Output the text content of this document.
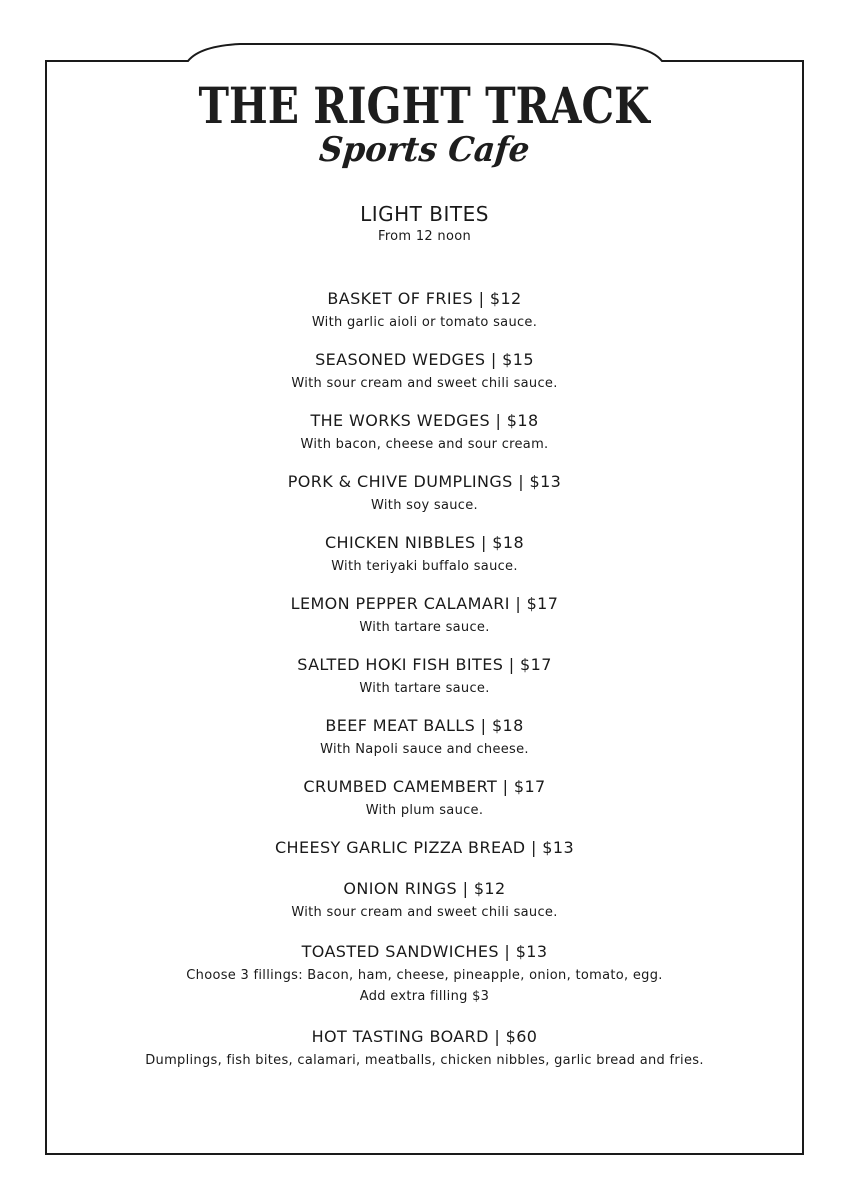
THE RIGHT TRACK
Sports Cafe
LIGHT BITES
From 12 noon
BASKET OF FRIES | $12
With garlic aioli or tomato sauce.
SEASONED WEDGES | $15
With sour cream and sweet chili sauce.
THE WORKS WEDGES | $18
With bacon, cheese and sour cream.
PORK & CHIVE DUMPLINGS | $13
With soy sauce.
CHICKEN NIBBLES | $18
With teriyaki buffalo sauce.
LEMON PEPPER CALAMARI | $17
With tartare sauce.
SALTED HOKI FISH BITES | $17
With tartare sauce.
BEEF MEAT BALLS | $18
With Napoli sauce and cheese.
CRUMBED CAMEMBERT | $17
With plum sauce.
CHEESY GARLIC PIZZA BREAD | $13
ONION RINGS | $12
With sour cream and sweet chili sauce.
TOASTED SANDWICHES | $13
Choose 3 fillings: Bacon, ham, cheese, pineapple, onion, tomato, egg.
Add extra filling $3
HOT TASTING BOARD | $60
Dumplings, fish bites, calamari, meatballs, chicken nibbles, garlic bread and fries.
